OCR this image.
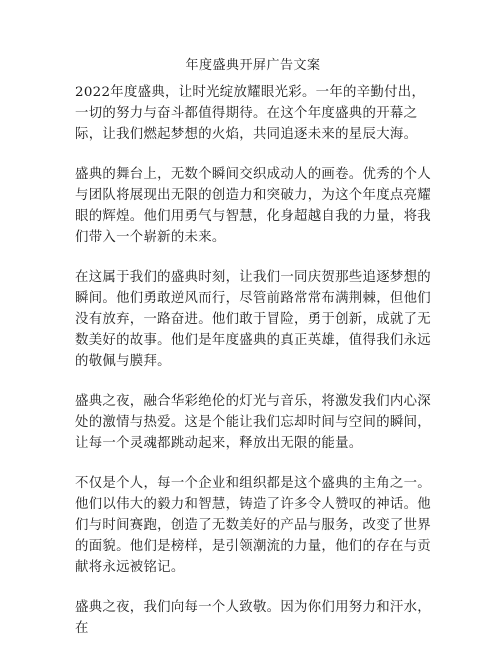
年度盛典开屏广告文案

2022年度盛典，让时光绽放耀眼光彩。一年的辛勤付出，一切的努力与奋斗都值得期待。在这个年度盛典的开幕之际，让我们燃起梦想的火焰，共同追逐未来的星辰大海。

盛典的舞台上，无数个瞬间交织成动人的画卷。优秀的个人与团队将展现出无限的创造力和突破力，为这个年度点亮耀眼的辉煌。他们用勇气与智慧，化身超越自我的力量，将我们带入一个崭新的未来。

在这属于我们的盛典时刻，让我们一同庆贺那些追逐梦想的瞬间。他们勇敢逆风而行，尽管前路常常布满荆棘，但他们没有放弃，一路奋进。他们敢于冒险，勇于创新，成就了无数美好的故事。他们是年度盛典的真正英雄，值得我们永远的敬佩与膜拜。

盛典之夜，融合华彩绝伦的灯光与音乐，将激发我们内心深处的激情与热爱。这是个能让我们忘却时间与空间的瞬间，让每一个灵魂都跳动起来，释放出无限的能量。

不仅是个人，每一个企业和组织都是这个盛典的主角之一。他们以伟大的毅力和智慧，铸造了许多令人赞叹的神话。他们与时间赛跑，创造了无数美好的产品与服务，改变了世界的面貌。他们是榜样，是引领潮流的力量，他们的存在与贡献将永远被铭记。

盛典之夜，我们向每一个人致敬。因为你们用努力和汗水，在
